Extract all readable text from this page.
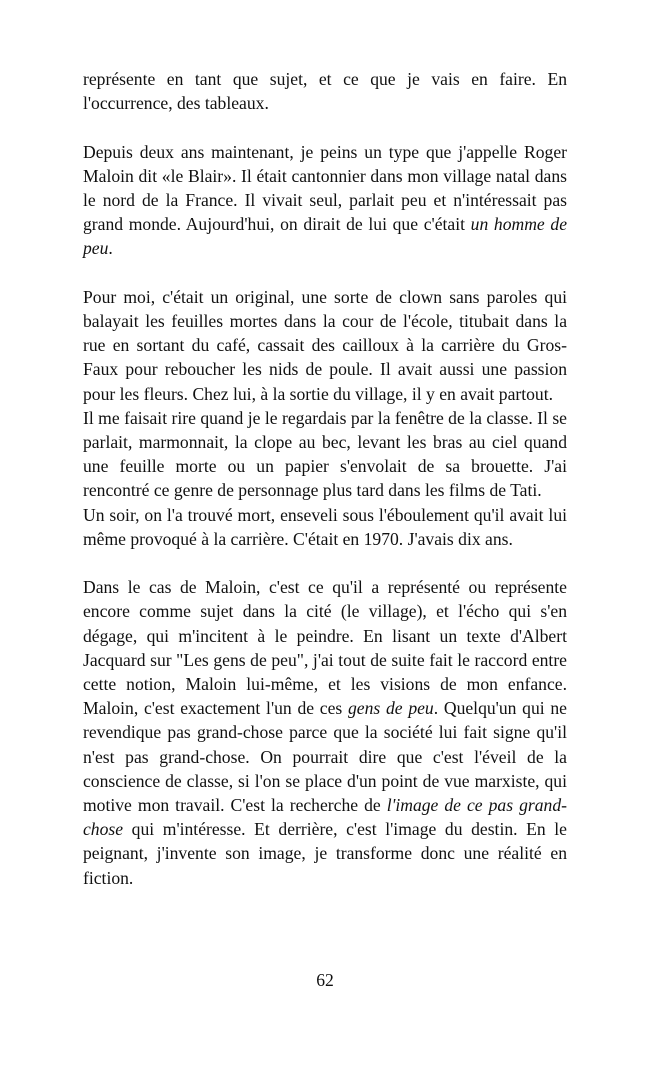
représente en tant que sujet, et ce que je vais en faire. En l'occurrence, des tableaux.

Depuis deux ans maintenant, je peins un type que j'appelle Roger Maloin dit «le Blair». Il était cantonnier dans mon village natal dans le nord de la France. Il vivait seul, parlait peu et n'intéressait pas grand monde. Aujourd'hui, on dirait de lui que c'était un homme de peu.

Pour moi, c'était un original, une sorte de clown sans paroles qui balayait les feuilles mortes dans la cour de l'école, titubait dans la rue en sortant du café, cassait des cailloux à la carrière du Gros-Faux pour reboucher les nids de poule. Il avait aussi une passion pour les fleurs. Chez lui, à la sortie du village, il y en avait partout.

Il me faisait rire quand je le regardais par la fenêtre de la classe. Il se parlait, marmonnait, la clope au bec, levant les bras au ciel quand une feuille morte ou un papier s'envolait de sa brouette. J'ai rencontré ce genre de personnage plus tard dans les films de Tati.

Un soir, on l'a trouvé mort, enseveli sous l'éboulement qu'il avait lui même provoqué à la carrière. C'était en 1970. J'avais dix ans.

Dans le cas de Maloin, c'est ce qu'il a représenté ou représente encore comme sujet dans la cité (le village), et l'écho qui s'en dégage, qui m'incitent à le peindre. En lisant un texte d'Albert Jacquard sur "Les gens de peu", j'ai tout de suite fait le raccord entre cette notion, Maloin lui-même, et les visions de mon enfance. Maloin, c'est exactement l'un de ces gens de peu. Quelqu'un qui ne revendique pas grand-chose parce que la société lui fait signe qu'il n'est pas grand-chose. On pourrait dire que c'est l'éveil de la conscience de classe, si l'on se place d'un point de vue marxiste, qui motive mon travail. C'est la recherche de l'image de ce pas grand-chose qui m'intéresse. Et derrière, c'est l'image du destin. En le peignant, j'invente son image, je transforme donc une réalité en fiction.

62
